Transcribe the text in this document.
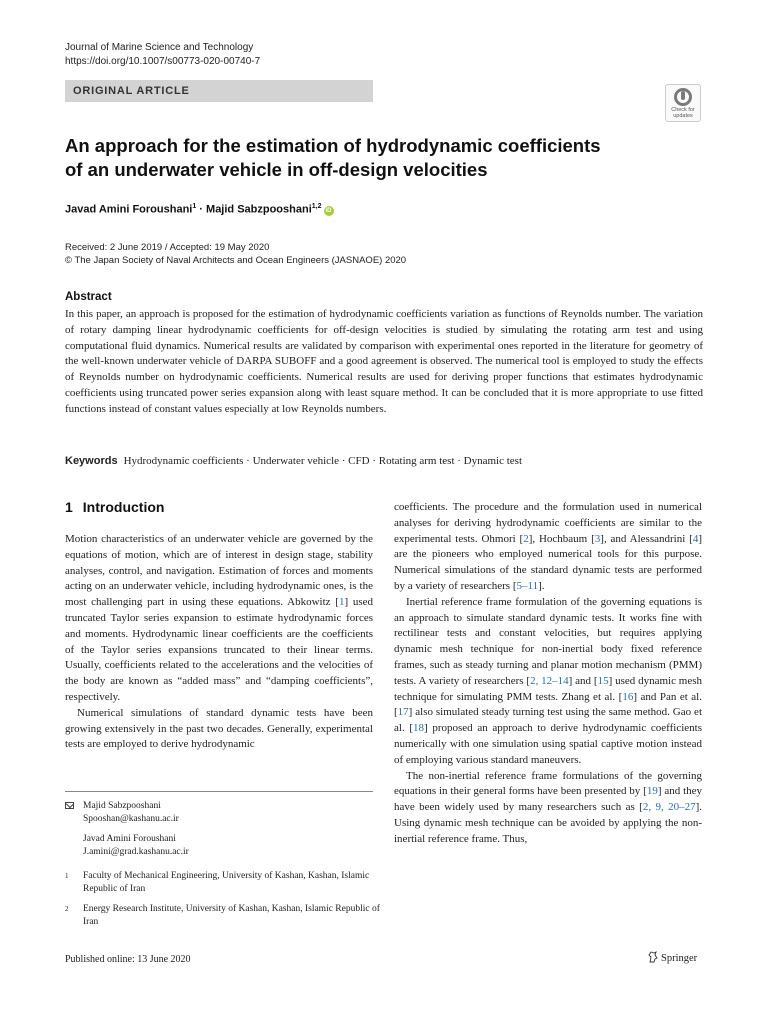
Journal of Marine Science and Technology
https://doi.org/10.1007/s00773-020-00740-7
ORIGINAL ARTICLE
Check for
updates
An approach for the estimation of hydrodynamic coefficients
of an underwater vehicle in off-design velocities
Javad Amini Foroushani$^1$ · Majid Sabzpooshani$^{1,2}$iD
Received: 2 June 2019 / Accepted: 19 May 2020
© The Japan Society of Naval Architects and Ocean Engineers (JASNAOE) 2020
Abstract
In this paper, an approach is proposed for the estimation of hydrodynamic coefficients variation as functions of Reynolds number. The variation of rotary damping linear hydrodynamic coefficients for off-design velocities is studied by simulating the rotating arm test and using computational fluid dynamics. Numerical results are validated by comparison with experimental ones reported in the literature for geometry of the well-known underwater vehicle of DARPA SUBOFF and a good agreement is observed. The numerical tool is employed to study the effects of Reynolds number on hydrodynamic coefficients. Numerical results are used for deriving proper functions that estimates hydrodynamic coefficients using truncated power series expansion along with least square method. It can be concluded that it is more appropriate to use fitted functions instead of constant values especially at low Reynolds numbers.
Keywords Hydrodynamic coefficients · Underwater vehicle · CFD · Rotating arm test · Dynamic test
1 Introduction

Motion characteristics of an underwater vehicle are governed by the equations of motion, which are of interest in design stage, stability analyses, control, and navigation. Estimation of forces and moments acting on an underwater vehicle, including hydrodynamic ones, is the most challenging part in using these equations. Abkowitz [1] used truncated Taylor series expansion to estimate hydrodynamic forces and moments. Hydrodynamic linear coefficients are the coefficients of the Taylor series expansions truncated to their linear terms. Usually, coefficients related to the accelerations and the velocities of the body are known as “added mass” and “damping coefficients”, respectively.

Numerical simulations of standard dynamic tests have been growing extensively in the past two decades. Generally, experimental tests are employed to derive hydrodynamic

coefficients. The procedure and the formulation used in numerical analyses for deriving hydrodynamic coefficients are similar to the experimental tests. Ohmori [2], Hochbaum [3], and Alessandrini [4] are the pioneers who employed numerical tools for this purpose. Numerical simulations of the standard dynamic tests are performed by a variety of researchers [5–11].

Inertial reference frame formulation of the governing equations is an approach to simulate standard dynamic tests. It works fine with rectilinear tests and constant velocities, but requires applying dynamic mesh technique for non-inertial body fixed reference frames, such as steady turning and planar motion mechanism (PMM) tests. A variety of researchers [2, 12–14] and [15] used dynamic mesh technique for simulating PMM tests. Zhang et al. [16] and Pan et al. [17] also simulated steady turning test using the same method. Gao et al. [18] proposed an approach to derive hydrodynamic coefficients numerically with one simulation using spatial captive motion instead of employing various standard maneuvers.

The non-inertial reference frame formulations of the governing equations in their general forms have been presented by [19] and they have been widely used by many researchers such as [2, 9, 20–27]. Using dynamic mesh technique can be avoided by applying the non-inertial reference frame. Thus,

Majid Sabzpooshani
Spooshan@kashanu.ac.ir
Javad Amini Foroushani
J.amini@grad.kashanu.ac.ir
1 Faculty of Mechanical Engineering, University of Kashan, Kashan, Islamic Republic of Iran
2 Energy Research Institute, University of Kashan, Kashan, Islamic Republic of Iran
Published online: 13 June 2020	Springer
